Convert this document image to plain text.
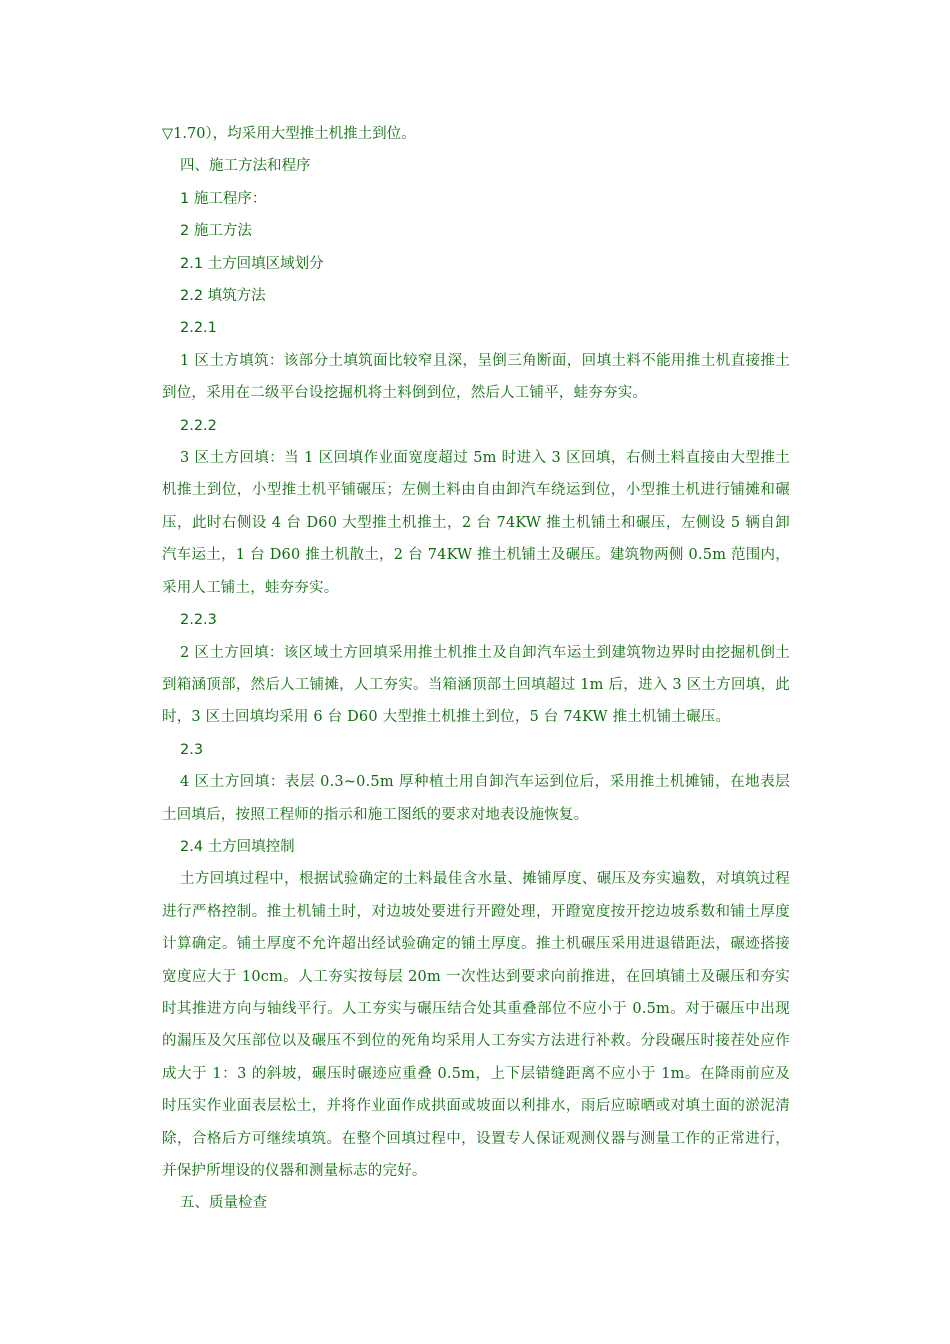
▽1.70），均采用大型推土机推土到位。

四、施工方法和程序

1 施工程序：

2 施工方法

2.1 土方回填区域划分

2.2 填筑方法

2.2.1

1 区土方填筑：该部分土填筑面比较窄且深，呈倒三角断面，回填土料不能用推土机直接推土到位，采用在二级平台设挖掘机将土料倒到位，然后人工铺平，蛙夯夯实。

2.2.2

3 区土方回填：当 1 区回填作业面宽度超过 5m 时进入 3 区回填，右侧土料直接由大型推土机推土到位，小型推土机平铺碾压；左侧土料由自由卸汽车绕运到位，小型推土机进行铺摊和碾压，此时右侧设 4 台 D60 大型推土机推土，2 台 74KW 推土机铺土和碾压，左侧设 5 辆自卸汽车运土，1 台 D60 推土机散土，2 台 74KW 推土机铺土及碾压。建筑物两侧 0.5m 范围内，采用人工铺土，蛙夯夯实。

2.2.3

2 区土方回填：该区域土方回填采用推土机推土及自卸汽车运土到建筑物边界时由挖掘机倒土到箱涵顶部，然后人工铺摊，人工夯实。当箱涵顶部土回填超过 1m 后，进入 3 区土方回填，此时，3 区土回填均采用 6 台 D60 大型推土机推土到位，5 台 74KW 推土机铺土碾压。

2.3

4 区土方回填：表层 0.3~0.5m 厚种植土用自卸汽车运到位后，采用推土机摊铺，在地表层土回填后，按照工程师的指示和施工图纸的要求对地表设施恢复。

2.4 土方回填控制

土方回填过程中，根据试验确定的土料最佳含水量、摊铺厚度、碾压及夯实遍数，对填筑过程进行严格控制。推土机铺土时，对边坡处要进行开蹬处理，开蹬宽度按开挖边坡系数和铺土厚度计算确定。铺土厚度不允许超出经试验确定的铺土厚度。推土机碾压采用进退错距法，碾迹搭接宽度应大于 10cm。人工夯实按每层 20m 一次性达到要求向前推进，在回填铺土及碾压和夯实时其推进方向与轴线平行。人工夯实与碾压结合处其重叠部位不应小于 0.5m。对于碾压中出现的漏压及欠压部位以及碾压不到位的死角均采用人工夯实方法进行补救。分段碾压时接茬处应作成大于 1：3 的斜坡，碾压时碾迹应重叠 0.5m，上下层错缝距离不应小于 1m。在降雨前应及时压实作业面表层松土，并将作业面作成拱面或坡面以利排水，雨后应晾晒或对填土面的淤泥清除，合格后方可继续填筑。在整个回填过程中，设置专人保证观测仪器与测量工作的正常进行，并保护所埋设的仪器和测量标志的完好。

五、质量检查
